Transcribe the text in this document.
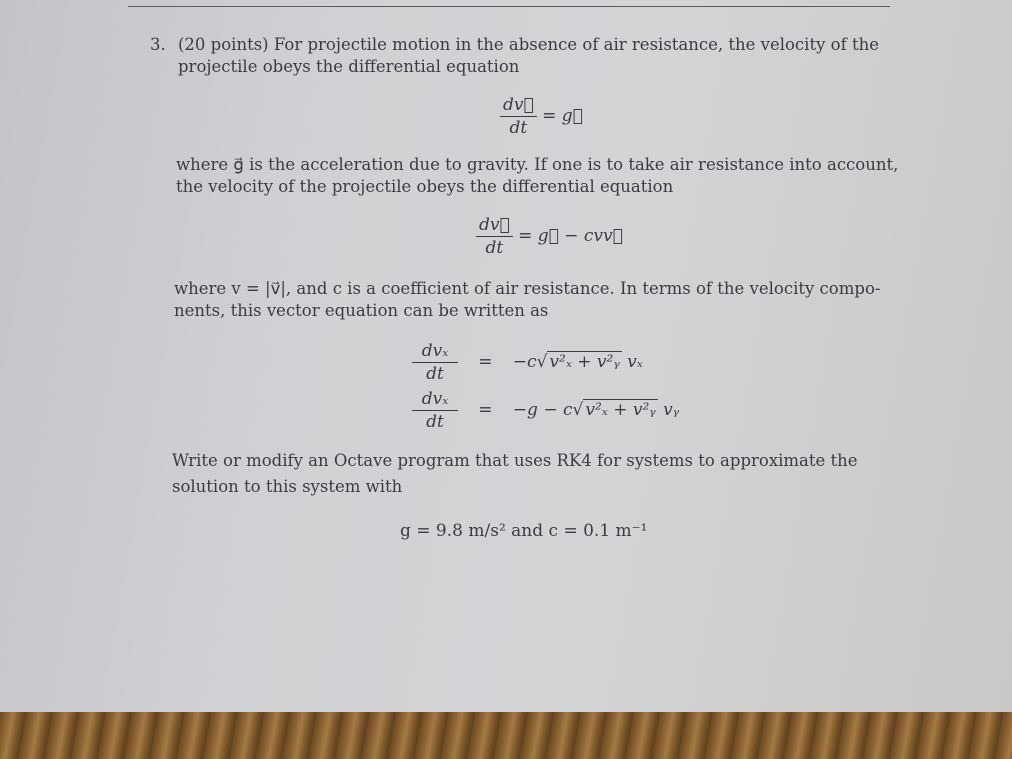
3. (20 points) For projectile motion in the absence of air resistance, the velocity of the
projectile obeys the differential equation
$\frac{dv⃗}{dt}$ = g⃗
where g⃗ is the acceleration due to gravity. If one is to take air resistance into account,
the velocity of the projectile obeys the differential equation
$\frac{dv⃗}{dt}$ = g⃗ − cvv⃗
where v = |v⃗|, and c is a coefficient of air resistance. In terms of the velocity compo-
nents, this vector equation can be written as
$\frac{\text{dvₓ}}{dt} = -c√$ v²ₓ + v²ᵧ vₓ
$\frac{\text{dvₓ}}{dt} = -g - c√$ v²ₓ + v²ᵧ vᵧ
Write or modify an Octave program that uses RK4 for systems to approximate the
solution to this system with
g = 9.8 m/s² and c = 0.1 m⁻¹
